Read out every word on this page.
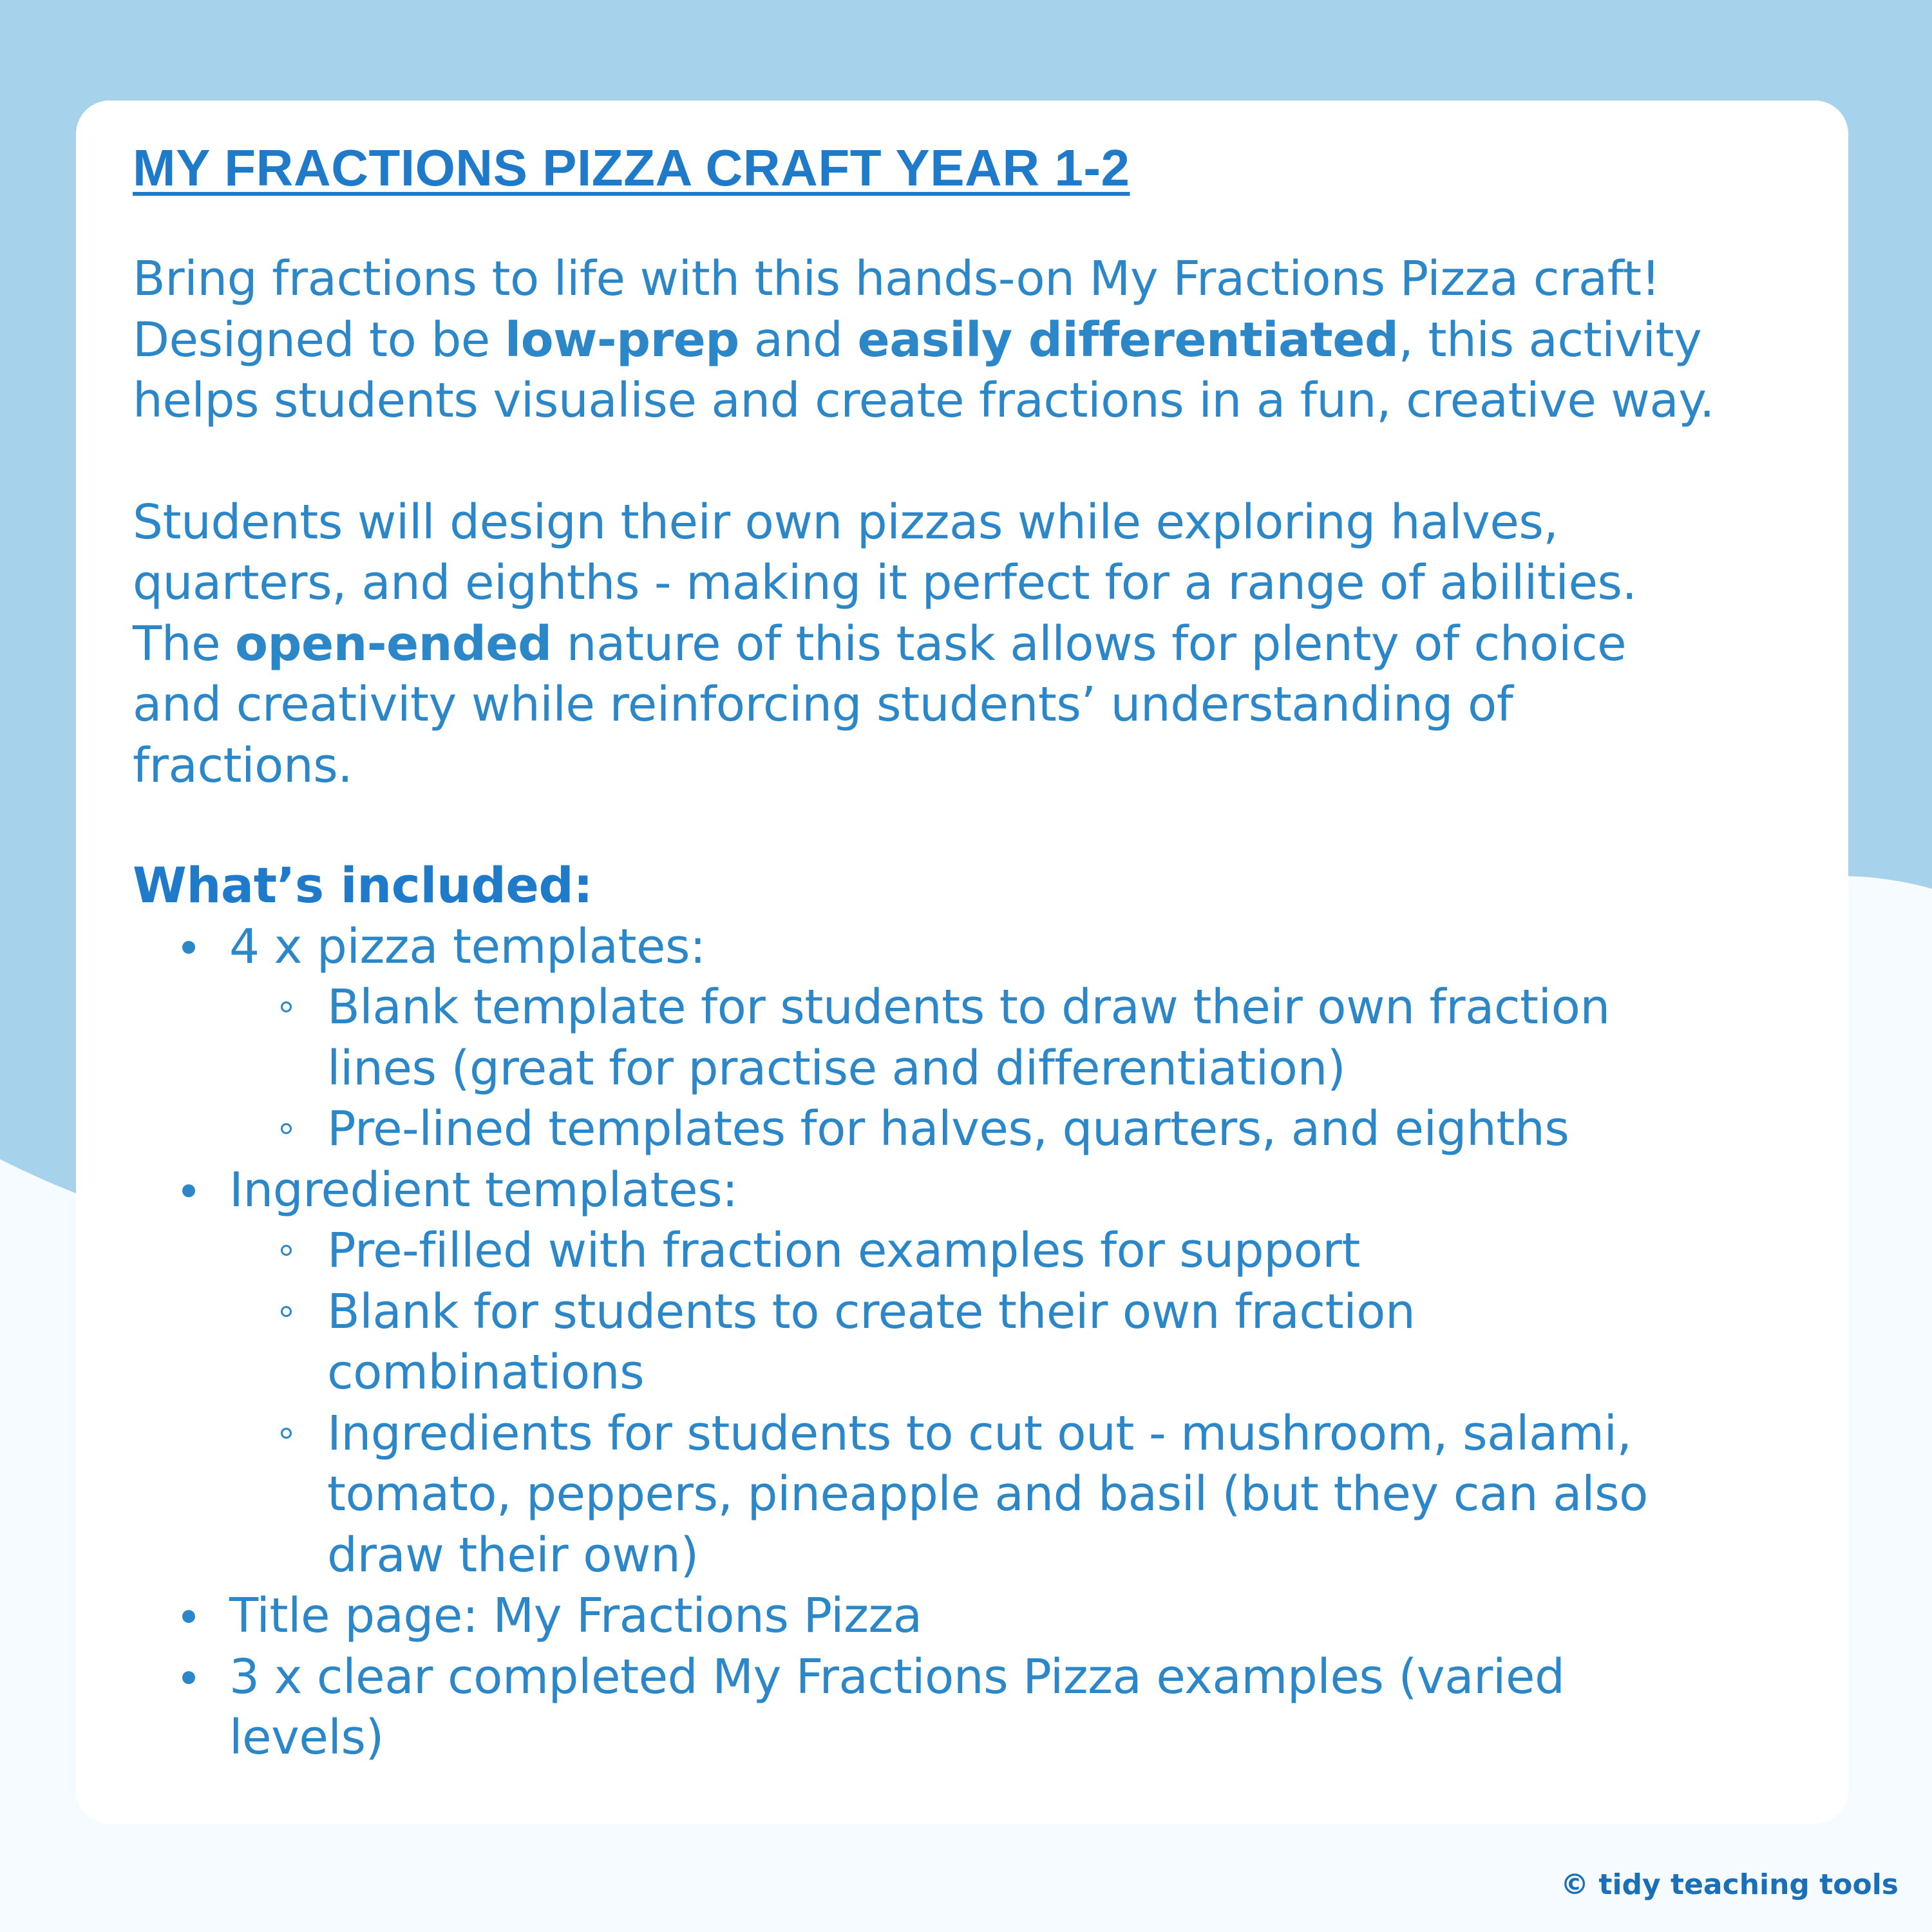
MY FRACTIONS PIZZA CRAFT YEAR 1-2
Bring fractions to life with this hands-on My Fractions Pizza craft!
Designed to be low-prep and easily differentiated, this activity
helps students visualise and create fractions in a fun, creative way.
Students will design their own pizzas while exploring halves,
quarters, and eighths - making it perfect for a range of abilities.
The open-ended nature of this task allows for plenty of choice
and creativity while reinforcing students’ understanding of
fractions.
What’s included:
4 x pizza templates:
Blank template for students to draw their own fraction
lines (great for practise and differentiation)
Pre-lined templates for halves, quarters, and eighths
Ingredient templates:
Pre-filled with fraction examples for support
Blank for students to create their own fraction
combinations
Ingredients for students to cut out - mushroom, salami,
tomato, peppers, pineapple and basil (but they can also
draw their own)
Title page: My Fractions Pizza
3 x clear completed My Fractions Pizza examples (varied
levels)
© tidy teaching tools
